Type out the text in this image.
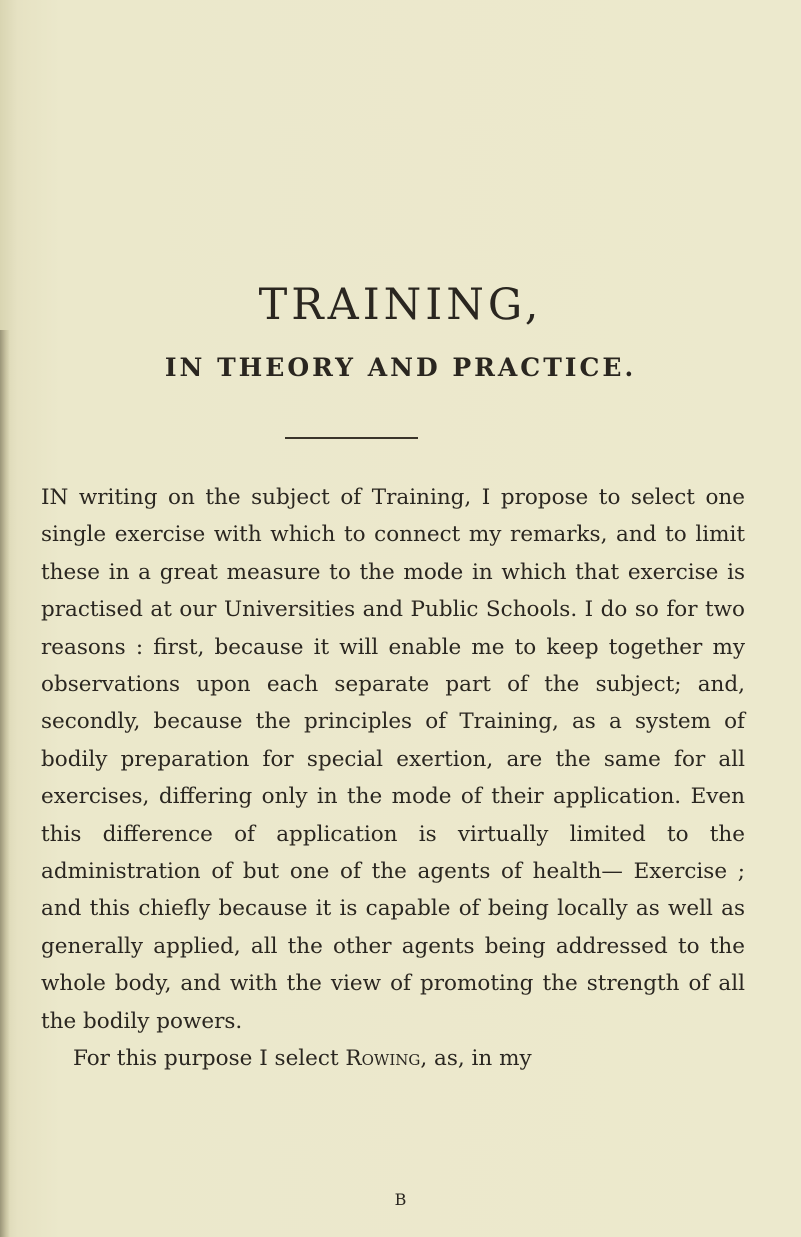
TRAINING,
IN THEORY AND PRACTICE.

IN writing on the subject of Training, I propose to select one single exercise with which to connect my remarks, and to limit these in a great measure to the mode in which that exercise is practised at our Universities and Public Schools. I do so for two reasons : first, because it will enable me to keep together my observations upon each separate part of the subject; and, secondly, because the principles of Training, as a system of bodily preparation for special exertion, are the same for all exercises, differing only in the mode of their application. Even this difference of application is virtually limited to the administration of but one of the agents of health— Exercise ; and this chiefly because it is capable of being locally as well as generally applied, all the other agents being addressed to the whole body, and with the view of promoting the strength of all the bodily powers.

For this purpose I select Rowing, as, in my

B
